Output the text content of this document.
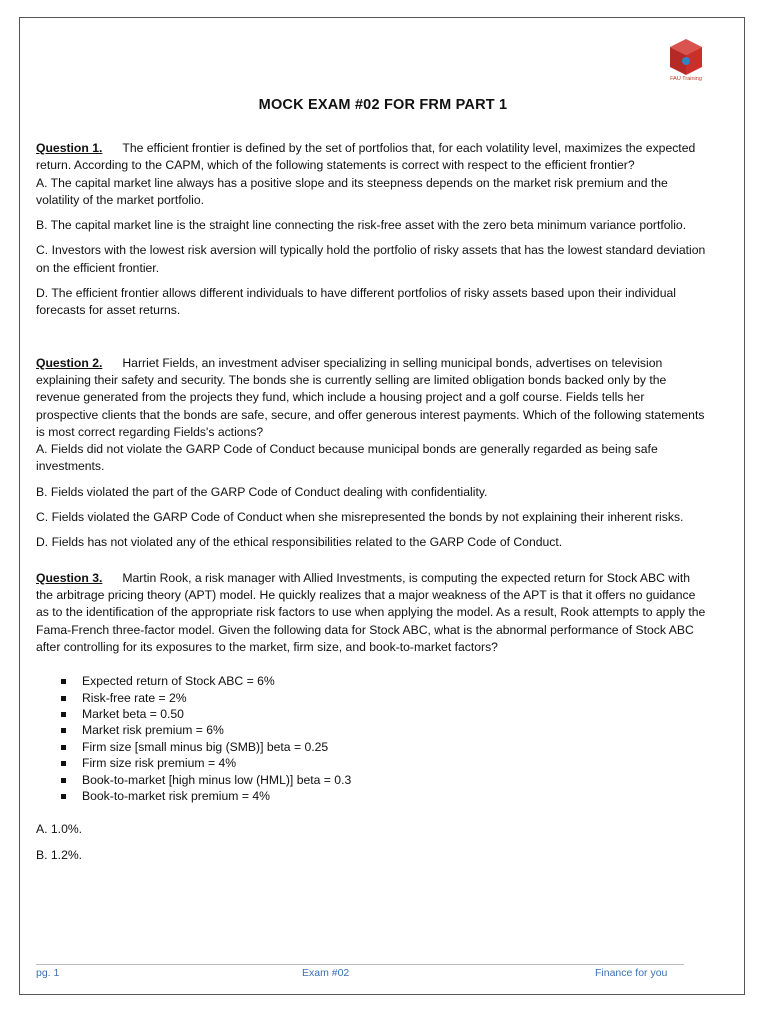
FAU Training
MOCK EXAM #02 FOR FRM PART 1

Question 1. The efficient frontier is defined by the set of portfolios that, for each volatility level, maximizes the expected return. According to the CAPM, which of the following statements is correct with respect to the efficient frontier?

A. The capital market line always has a positive slope and its steepness depends on the market risk premium and the volatility of the market portfolio.

B. The capital market line is the straight line connecting the risk-free asset with the zero beta minimum variance portfolio.

C. Investors with the lowest risk aversion will typically hold the portfolio of risky assets that has the lowest standard deviation on the efficient frontier.

D. The efficient frontier allows different individuals to have different portfolios of risky assets based upon their individual forecasts for asset returns.

Question 2. Harriet Fields, an investment adviser specializing in selling municipal bonds, advertises on television explaining their safety and security. The bonds she is currently selling are limited obligation bonds backed only by the revenue generated from the projects they fund, which include a housing project and a golf course. Fields tells her prospective clients that the bonds are safe, secure, and offer generous interest payments. Which of the following statements is most correct regarding Fields's actions?

A. Fields did not violate the GARP Code of Conduct because municipal bonds are generally regarded as being safe investments.

B. Fields violated the part of the GARP Code of Conduct dealing with confidentiality.

C. Fields violated the GARP Code of Conduct when she misrepresented the bonds by not explaining their inherent risks.

D. Fields has not violated any of the ethical responsibilities related to the GARP Code of Conduct.

Question 3. Martin Rook, a risk manager with Allied Investments, is computing the expected return for Stock ABC with the arbitrage pricing theory (APT) model. He quickly realizes that a major weakness of the APT is that it offers no guidance as to the identification of the appropriate risk factors to use when applying the model. As a result, Rook attempts to apply the Fama-French three-factor model. Given the following data for Stock ABC, what is the abnormal performance of Stock ABC after controlling for its exposures to the market, firm size, and book-to-market factors?

Expected return of Stock ABC = 6%
Risk-free rate = 2%
Market beta = 0.50
Market risk premium = 6%
Firm size [small minus big (SMB)] beta = 0.25
Firm size risk premium = 4%
Book-to-market [high minus low (HML)] beta = 0.3
Book-to-market risk premium = 4%

A. 1.0%.

B. 1.2%.

pg. 1	Exam #02	Finance for you
